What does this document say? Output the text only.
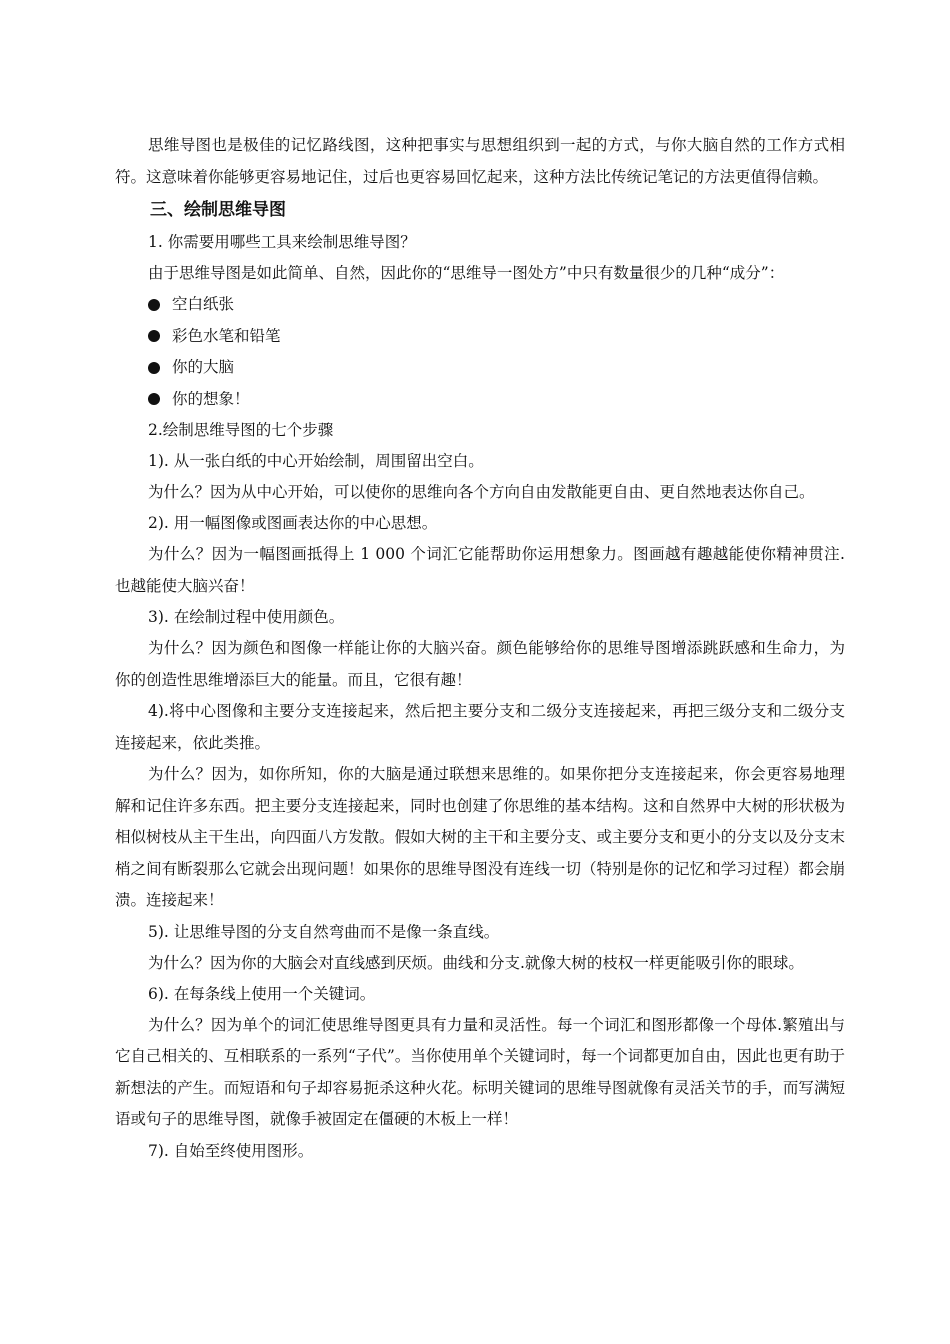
思维导图也是极佳的记忆路线图，这种把事实与思想组织到一起的方式，与你大脑自然的工作方式相符。这意味着你能够更容易地记住，过后也更容易回忆起来，这种方法比传统记笔记的方法更值得信赖。

三、绘制思维导图

1. 你需要用哪些工具来绘制思维导图？

由于思维导图是如此简单、自然，因此你的“思维导一图处方”中只有数量很少的几种“成分”：

空白纸张
彩色水笔和铅笔
你的大脑
你的想象！

2.绘制思维导图的七个步骤

1). 从一张白纸的中心开始绘制，周围留出空白。

为什么？因为从中心开始，可以使你的思维向各个方向自由发散能更自由、更自然地表达你自己。

2). 用一幅图像或图画表达你的中心思想。

为什么？因为一幅图画抵得上 1 000 个词汇它能帮助你运用想象力。图画越有趣越能使你精神贯注. 也越能使大脑兴奋！

3). 在绘制过程中使用颜色。

为什么？因为颜色和图像一样能让你的大脑兴奋。颜色能够给你的思维导图增添跳跃感和生命力，为你的创造性思维增添巨大的能量。而且，它很有趣！

4).将中心图像和主要分支连接起来，然后把主要分支和二级分支连接起来，再把三级分支和二级分支连接起来，依此类推。

为什么？因为，如你所知，你的大脑是通过联想来思维的。如果你把分支连接起来，你会更容易地理解和记住许多东西。把主要分支连接起来，同时也创建了你思维的基本结构。这和自然界中大树的形状极为相似树枝从主干生出，向四面八方发散。假如大树的主干和主要分支、或主要分支和更小的分支以及分支末梢之间有断裂那么它就会出现问题！如果你的思维导图没有连线一切（特别是你的记忆和学习过程）都会崩溃。连接起来！

5). 让思维导图的分支自然弯曲而不是像一条直线。

为什么？因为你的大脑会对直线感到厌烦。曲线和分支.就像大树的枝权一样更能吸引你的眼球。

6). 在每条线上使用一个关键词。

为什么？因为单个的词汇使思维导图更具有力量和灵活性。每一个词汇和图形都像一个母体.繁殖出与它自己相关的、互相联系的一系列“子代”。当你使用单个关键词时，每一个词都更加自由，因此也更有助于新想法的产生。而短语和句子却容易扼杀这种火花。标明关键词的思维导图就像有灵活关节的手，而写满短语或句子的思维导图，就像手被固定在僵硬的木板上一样！

7). 自始至终使用图形。
